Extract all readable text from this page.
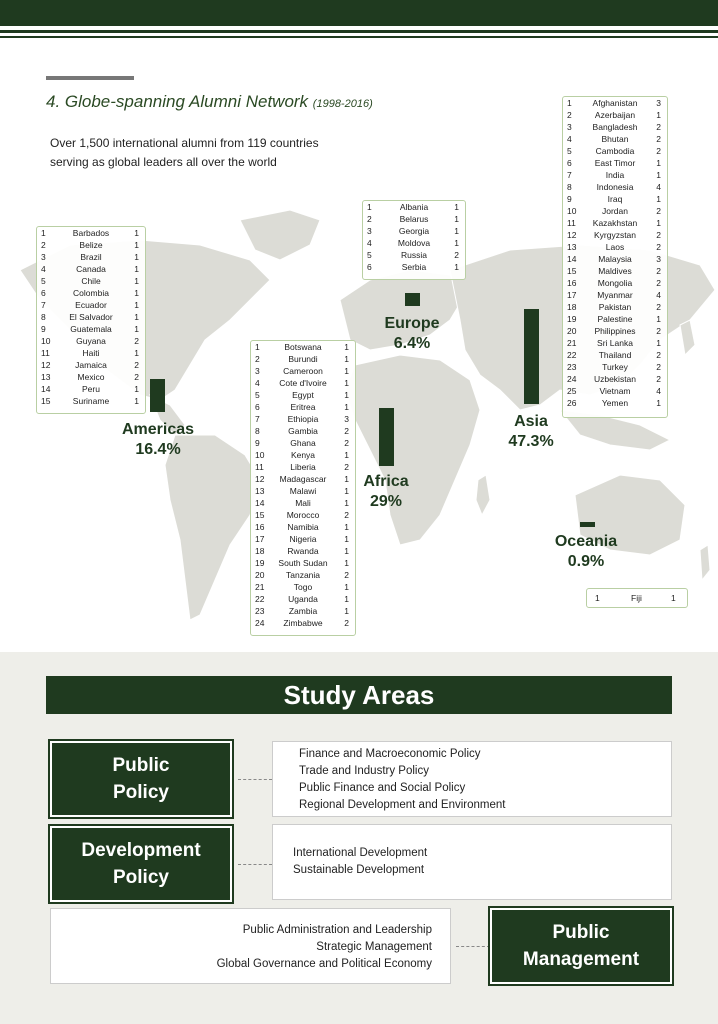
4. Globe-spanning Alumni Network (1998-2016)
Over 1,500 international alumni from 119 countries
serving as global leaders all over the world
1	Barbados	1
2	Belize	1
3	Brazil	1
4	Canada	1
5	Chile	1
6	Colombia	1
7	Ecuador	1
8	El Salvador	1
9	Guatemala	1
10	Guyana	2
11	Haiti	1
12	Jamaica	2
13	Mexico	2
14	Peru	1
15	Suriname	1
1	Albania	1
2	Belarus	1
3	Georgia	1
4	Moldova	1
5	Russia	2
6	Serbia	1
1	Botswana	1
2	Burundi	1
3	Cameroon	1
4	Cote d'Ivoire	1
5	Egypt	1
6	Eritrea	1
7	Ethiopia	3
8	Gambia	2
9	Ghana	2
10	Kenya	1
11	Liberia	2
12	Madagascar	1
13	Malawi	1
14	Mali	1
15	Morocco	2
16	Namibia	1
17	Nigeria	1
18	Rwanda	1
19	South Sudan	1
20	Tanzania	2
21	Togo	1
22	Uganda	1
23	Zambia	1
24	Zimbabwe	2
1	Afghanistan	3
2	Azerbaijan	1
3	Bangladesh	2
4	Bhutan	2
5	Cambodia	2
6	East Timor	1
7	India	1
8	Indonesia	4
9	Iraq	1
10	Jordan	2
11	Kazakhstan	1
12	Kyrgyzstan	2
13	Laos	2
14	Malaysia	3
15	Maldives	2
16	Mongolia	2
17	Myanmar	4
18	Pakistan	2
19	Palestine	1
20	Philippines	2
21	Sri Lanka	1
22	Thailand	2
23	Turkey	2
24	Uzbekistan	2
25	Vietnam	4
26	Yemen	1
1	Fiji	1
Americas
16.4%
Europe
6.4%
Africa
29%
Asia
47.3%
Oceania
0.9%
Study Areas
Public
Policy
Finance and Macroeconomic Policy
Trade and Industry Policy
Public Finance and Social Policy
Regional Development and Environment
Development
Policy
International Development
Sustainable Development
Public Administration and Leadership
Strategic Management
Global Governance and Political Economy
Public
Management
